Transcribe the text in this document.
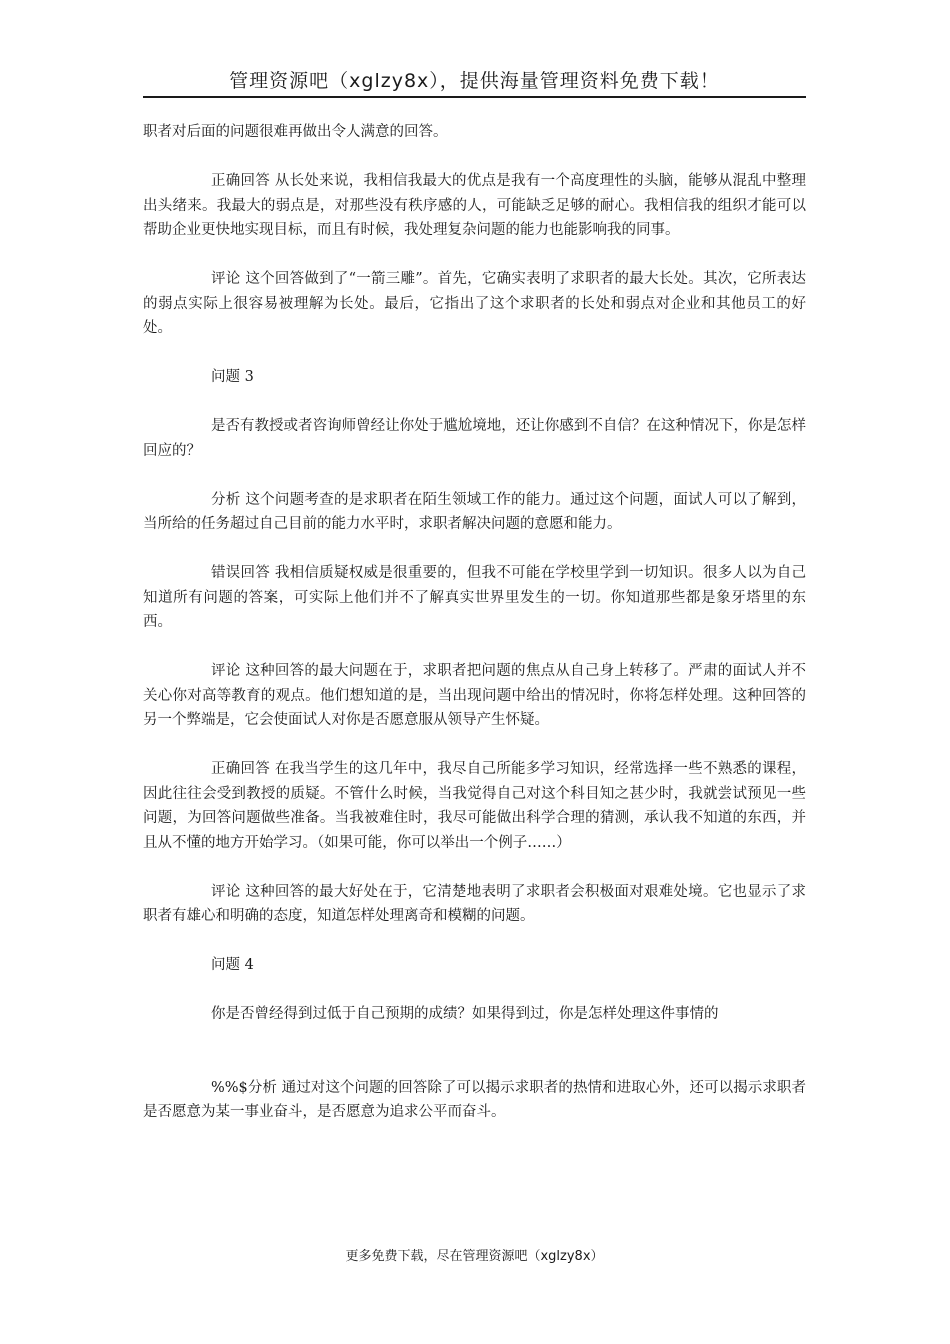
管理资源吧（xglzy8x），提供海量管理资料免费下载！

职者对后面的问题很难再做出令人满意的回答。

正确回答 从长处来说，我相信我最大的优点是我有一个高度理性的头脑，能够从混乱中整理出头绪来。我最大的弱点是，对那些没有秩序感的人，可能缺乏足够的耐心。我相信我的组织才能可以帮助企业更快地实现目标，而且有时候，我处理复杂问题的能力也能影响我的同事。

评论 这个回答做到了“一箭三雕”。首先，它确实表明了求职者的最大长处。其次，它所表达的弱点实际上很容易被理解为长处。最后，它指出了这个求职者的长处和弱点对企业和其他员工的好处。

问题 3

是否有教授或者咨询师曾经让你处于尴尬境地，还让你感到不自信？在这种情况下，你是怎样回应的？

分析 这个问题考查的是求职者在陌生领域工作的能力。通过这个问题，面试人可以了解到，当所给的任务超过自己目前的能力水平时，求职者解决问题的意愿和能力。

错误回答 我相信质疑权威是很重要的，但我不可能在学校里学到一切知识。很多人以为自己知道所有问题的答案，可实际上他们并不了解真实世界里发生的一切。你知道那些都是象牙塔里的东西。

评论 这种回答的最大问题在于，求职者把问题的焦点从自己身上转移了。严肃的面试人并不关心你对高等教育的观点。他们想知道的是，当出现问题中给出的情况时，你将怎样处理。这种回答的另一个弊端是，它会使面试人对你是否愿意服从领导产生怀疑。

正确回答 在我当学生的这几年中，我尽自己所能多学习知识，经常选择一些不熟悉的课程，因此往往会受到教授的质疑。不管什么时候，当我觉得自己对这个科目知之甚少时，我就尝试预见一些问题，为回答问题做些准备。当我被难住时，我尽可能做出科学合理的猜测，承认我不知道的东西，并且从不懂的地方开始学习。（如果可能，你可以举出一个例子……）

评论 这种回答的最大好处在于，它清楚地表明了求职者会积极面对艰难处境。它也显示了求职者有雄心和明确的态度，知道怎样处理离奇和模糊的问题。

问题 4

你是否曾经得到过低于自己预期的成绩？如果得到过，你是怎样处理这件事情的

%%$分析 通过对这个问题的回答除了可以揭示求职者的热情和进取心外，还可以揭示求职者是否愿意为某一事业奋斗，是否愿意为追求公平而奋斗。

更多免费下载，尽在管理资源吧（xglzy8x）
